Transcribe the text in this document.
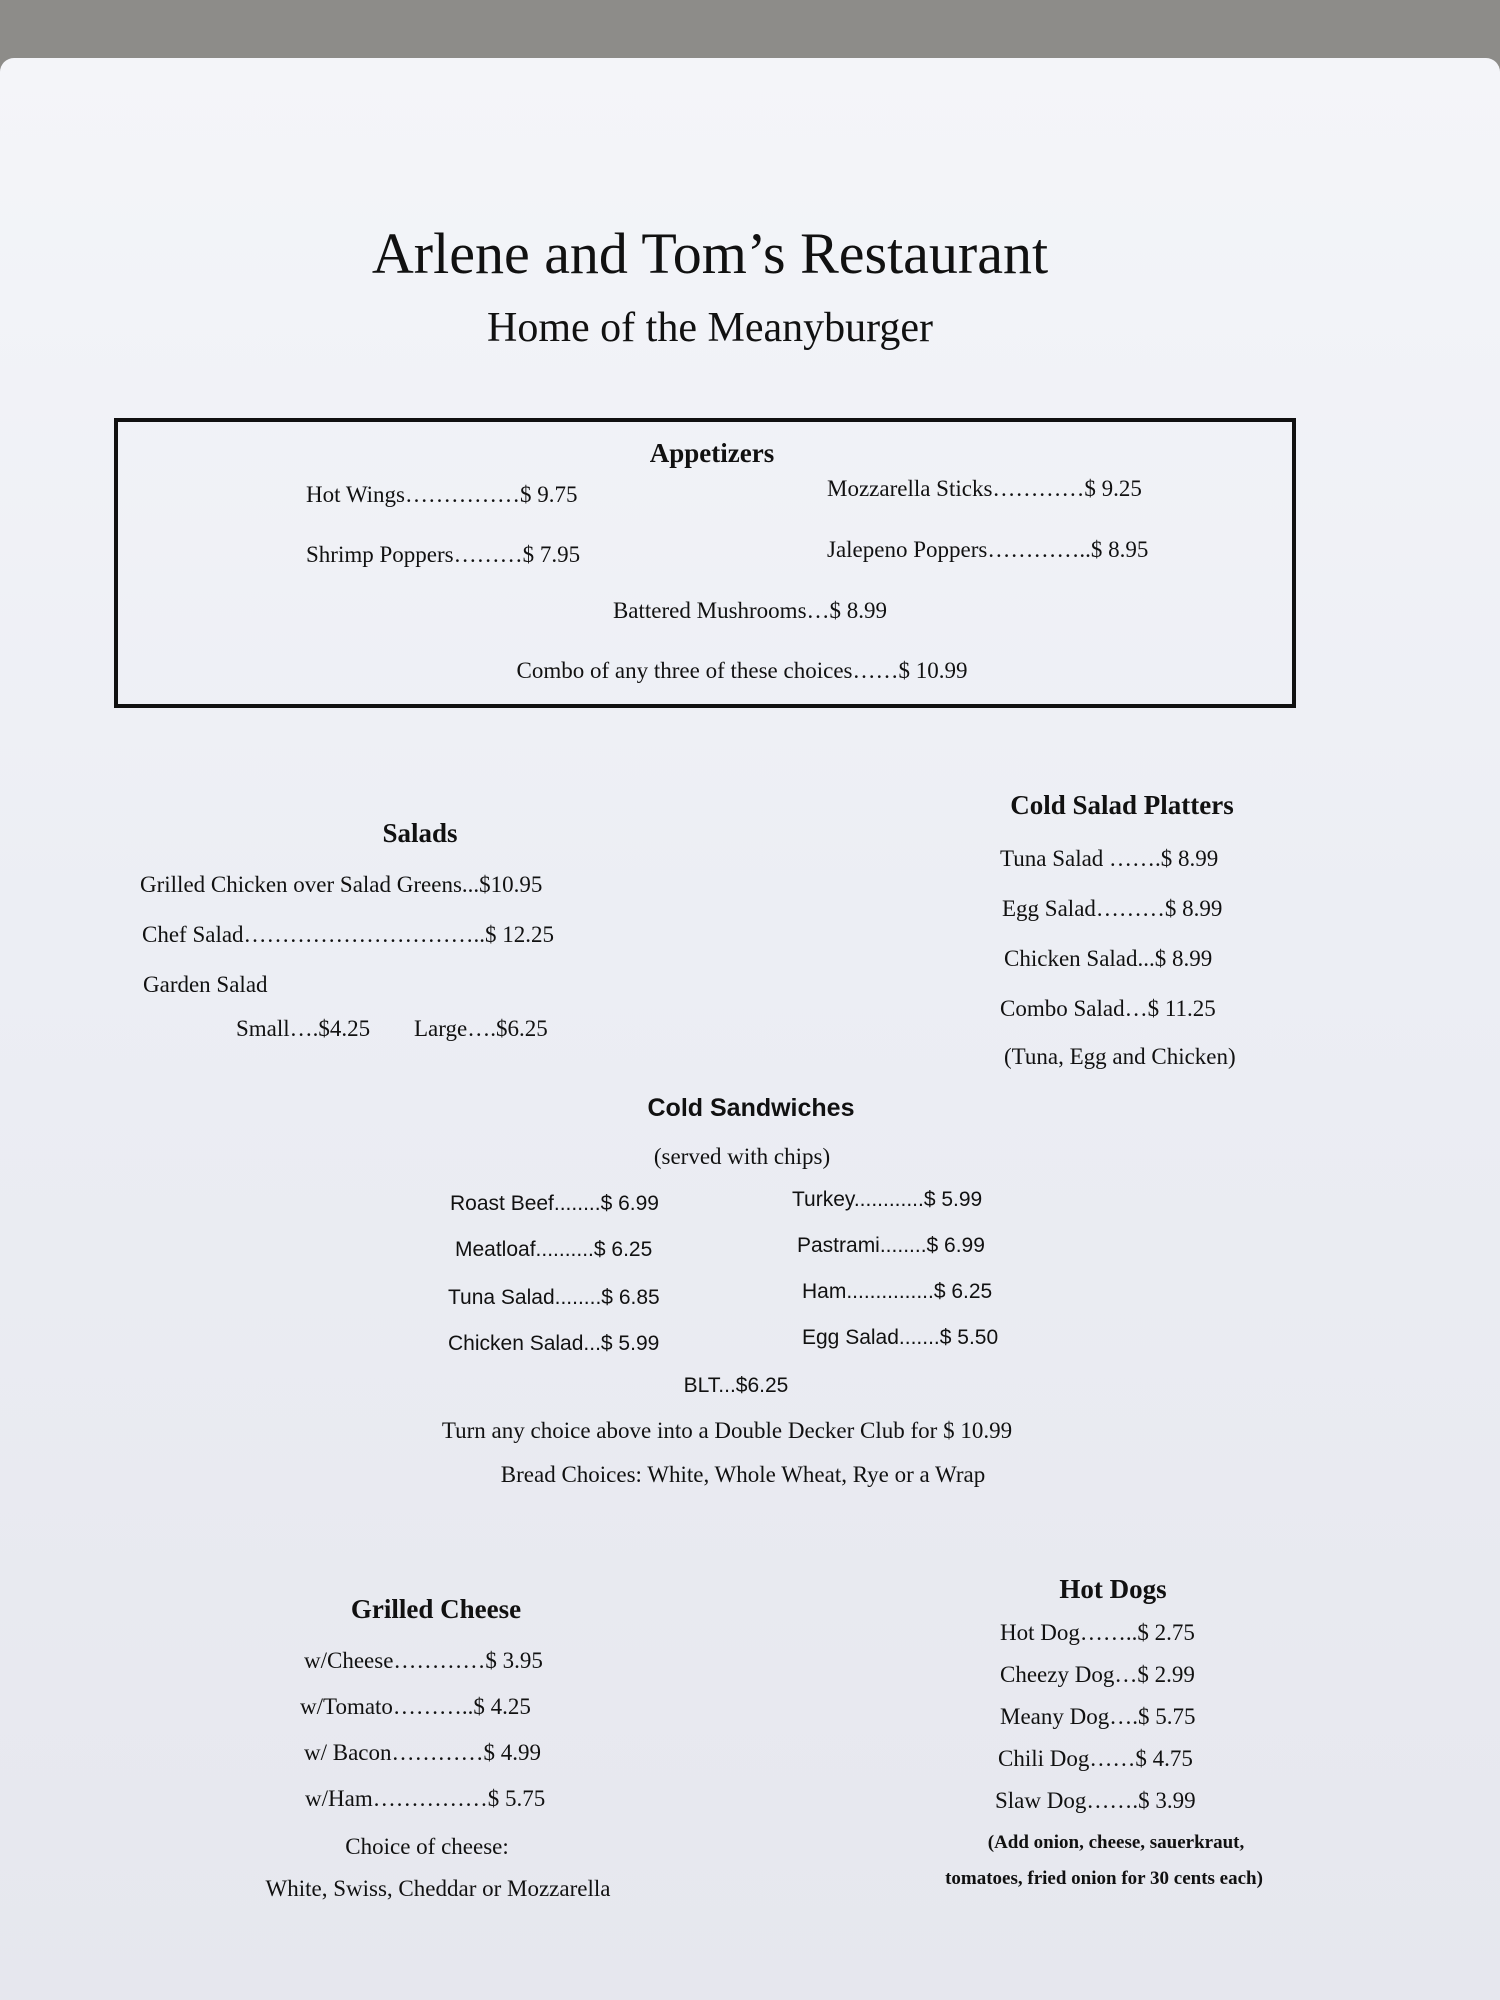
Arlene and Tom’s Restaurant
Home of the Meanyburger
Appetizers
Hot Wings……………$ 9.75	Mozzarella Sticks…………$ 9.25
Shrimp Poppers………$ 7.95	Jalepeno Poppers…………..$ 8.95
Battered Mushrooms…$ 8.99
Combo of any three of these choices……$ 10.99
Salads
Grilled Chicken over Salad Greens...$10.95
Chef Salad…………………………..$ 12.25
Garden Salad
Small….$4.25 Large….$6.25
Cold Salad Platters
Tuna Salad …….$ 8.99
Egg Salad………$ 8.99
Chicken Salad...$ 8.99
Combo Salad…$ 11.25
(Tuna, Egg and Chicken)
Cold Sandwiches
(served with chips)
Roast Beef........$ 6.99
Meatloaf..........$ 6.25
Tuna Salad........$ 6.85
Chicken Salad...$ 5.99
Turkey............$ 5.99
Pastrami........$ 6.99
Ham...............$ 6.25
Egg Salad.......$ 5.50
BLT...$6.25
Turn any choice above into a Double Decker Club for $ 10.99
Bread Choices: White, Whole Wheat, Rye or a Wrap
Grilled Cheese
w/Cheese…………$ 3.95
w/Tomato………..$ 4.25
w/ Bacon…………$ 4.99
w/Ham……………$ 5.75
Choice of cheese:
White, Swiss, Cheddar or Mozzarella
Hot Dogs
Hot Dog……..$ 2.75
Cheezy Dog…$ 2.99
Meany Dog….$ 5.75
Chili Dog……$ 4.75
Slaw Dog…….$ 3.99
(Add onion, cheese, sauerkraut,
tomatoes, fried onion for 30 cents each)
